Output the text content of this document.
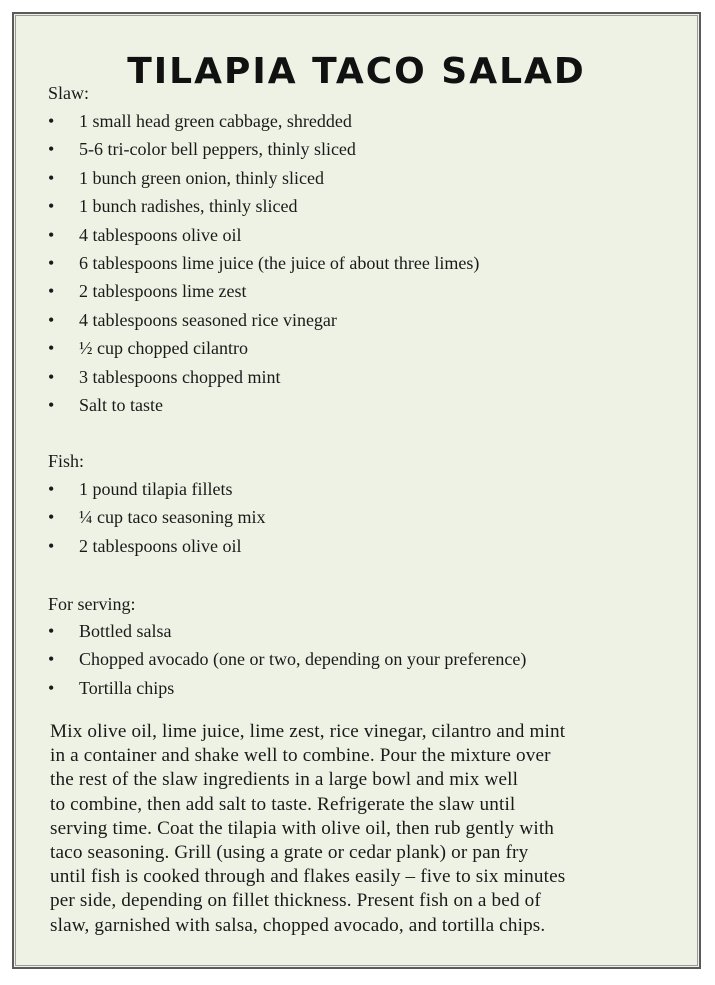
TILAPIA TACO SALAD
Slaw:
• 1 small head green cabbage, shredded
• 5-6 tri-color bell peppers, thinly sliced
• 1 bunch green onion, thinly sliced
• 1 bunch radishes, thinly sliced
• 4 tablespoons olive oil
• 6 tablespoons lime juice (the juice of about three limes)
• 2 tablespoons lime zest
• 4 tablespoons seasoned rice vinegar
• ½ cup chopped cilantro
• 3 tablespoons chopped mint
• Salt to taste
Fish:
• 1 pound tilapia fillets
• ¼ cup taco seasoning mix
• 2 tablespoons olive oil
For serving:
• Bottled salsa
• Chopped avocado (one or two, depending on your preference)
• Tortilla chips

Mix olive oil, lime juice, lime zest, rice vinegar, cilantro and mint
in a container and shake well to combine. Pour the mixture over
the rest of the slaw ingredients in a large bowl and mix well
to combine, then add salt to taste. Refrigerate the slaw until
serving time. Coat the tilapia with olive oil, then rub gently with
taco seasoning. Grill (using a grate or cedar plank) or pan fry
until fish is cooked through and flakes easily – five to six minutes
per side, depending on fillet thickness. Present fish on a bed of
slaw, garnished with salsa, chopped avocado, and tortilla chips.
